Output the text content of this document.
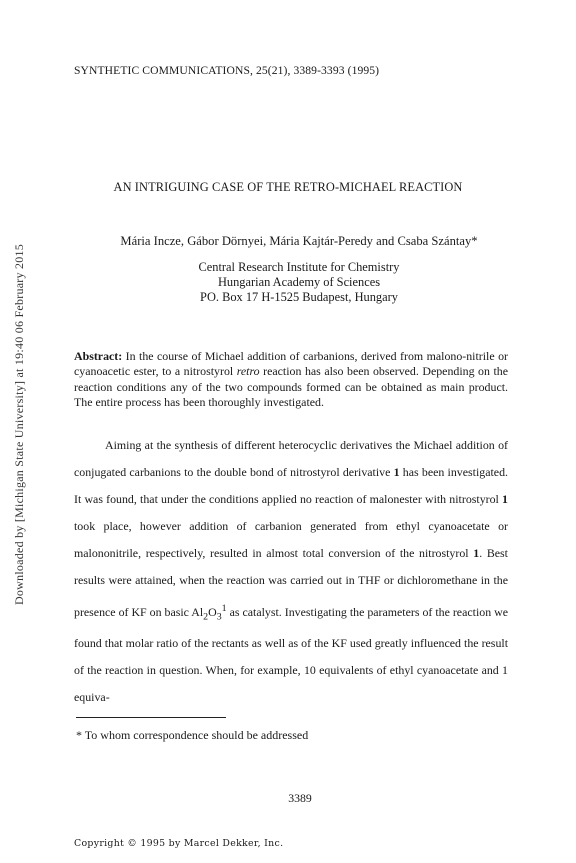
Downloaded by [Michigan State University] at 19:40 06 February 2015
SYNTHETIC COMMUNICATIONS, 25(21), 3389-3393 (1995)
AN INTRIGUING CASE OF THE RETRO-MICHAEL REACTION
Mária Incze, Gábor Dörnyei, Mária Kajtár-Peredy and Csaba Szántay*
Central Research Institute for Chemistry
Hungarian Academy of Sciences
PO. Box 17 H-1525 Budapest, Hungary
Abstract: In the course of Michael addition of carbanions, derived from malono-nitrile or cyanoacetic ester, to a nitrostyrol retro reaction has also been observed. Depending on the reaction conditions any of the two compounds formed can be obtained as main product. The entire process has been thoroughly investigated.

Aiming at the synthesis of different heterocyclic derivatives the Michael addition of conjugated carbanions to the double bond of nitrostyrol derivative 1 has been investigated. It was found, that under the conditions applied no reaction of malonester with nitrostyrol 1 took place, however addition of carbanion generated from ethyl cyanoacetate or malononitrile, respectively, resulted in almost total conversion of the nitrostyrol 1. Best results were attained, when the reaction was carried out in THF or dichloromethane in the presence of KF on basic $Al_2O_3^1$ as catalyst. Investigating the parameters of the reaction we found that molar ratio of the rectants as well as of the KF used greatly influenced the result of the reaction in question. When, for example, 10 equivalents of ethyl cyanoacetate and 1 equiva-

* To whom correspondence should be addressed
3389
Copyright © 1995 by Marcel Dekker, Inc.
